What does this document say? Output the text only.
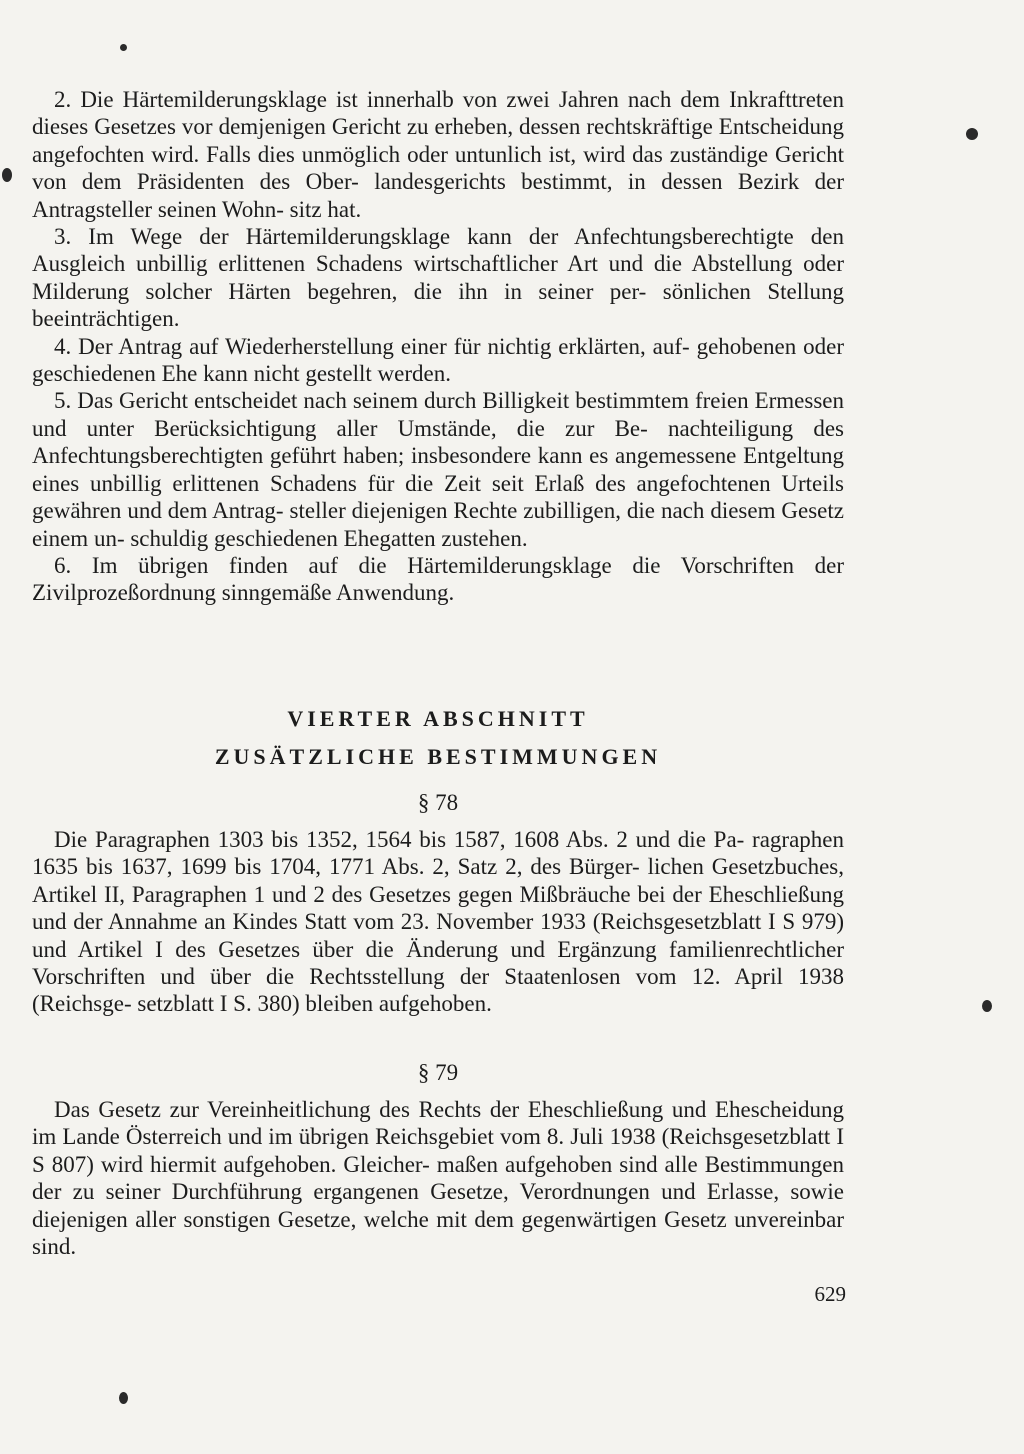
2. Die Härtemilderungsklage ist innerhalb von zwei Jahren nach dem Inkrafttreten dieses Gesetzes vor demjenigen Gericht zu erheben, dessen rechtskräftige Entscheidung angefochten wird. Falls dies unmöglich oder untunlich ist, wird das zuständige Gericht von dem Präsidenten des Ober- landesgerichts bestimmt, in dessen Bezirk der Antragsteller seinen Wohn- sitz hat.

3. Im Wege der Härtemilderungsklage kann der Anfechtungsberechtigte den Ausgleich unbillig erlittenen Schadens wirtschaftlicher Art und die Abstellung oder Milderung solcher Härten begehren, die ihn in seiner per- sönlichen Stellung beeinträchtigen.

4. Der Antrag auf Wiederherstellung einer für nichtig erklärten, auf- gehobenen oder geschiedenen Ehe kann nicht gestellt werden.

5. Das Gericht entscheidet nach seinem durch Billigkeit bestimmtem freien Ermessen und unter Berücksichtigung aller Umstände, die zur Be- nachteiligung des Anfechtungsberechtigten geführt haben; insbesondere kann es angemessene Entgeltung eines unbillig erlittenen Schadens für die Zeit seit Erlaß des angefochtenen Urteils gewähren und dem Antrag- steller diejenigen Rechte zubilligen, die nach diesem Gesetz einem un- schuldig geschiedenen Ehegatten zustehen.

6. Im übrigen finden auf die Härtemilderungsklage die Vorschriften der Zivilprozeßordnung sinngemäße Anwendung.

VIERTER ABSCHNITT
ZUSÄTZLICHE BESTIMMUNGEN
§ 78

Die Paragraphen 1303 bis 1352, 1564 bis 1587, 1608 Abs. 2 und die Pa- ragraphen 1635 bis 1637, 1699 bis 1704, 1771 Abs. 2, Satz 2, des Bürger- lichen Gesetzbuches, Artikel II, Paragraphen 1 und 2 des Gesetzes gegen Mißbräuche bei der Eheschließung und der Annahme an Kindes Statt vom 23. November 1933 (Reichsgesetzblatt I S 979) und Artikel I des Gesetzes über die Änderung und Ergänzung familienrechtlicher Vorschriften und über die Rechtsstellung der Staatenlosen vom 12. April 1938 (Reichsge- setzblatt I S. 380) bleiben aufgehoben.

§ 79

Das Gesetz zur Vereinheitlichung des Rechts der Eheschließung und Ehescheidung im Lande Österreich und im übrigen Reichsgebiet vom 8. Juli 1938 (Reichsgesetzblatt I S 807) wird hiermit aufgehoben. Gleicher- maßen aufgehoben sind alle Bestimmungen der zu seiner Durchführung ergangenen Gesetze, Verordnungen und Erlasse, sowie diejenigen aller sonstigen Gesetze, welche mit dem gegenwärtigen Gesetz unvereinbar sind.

629
